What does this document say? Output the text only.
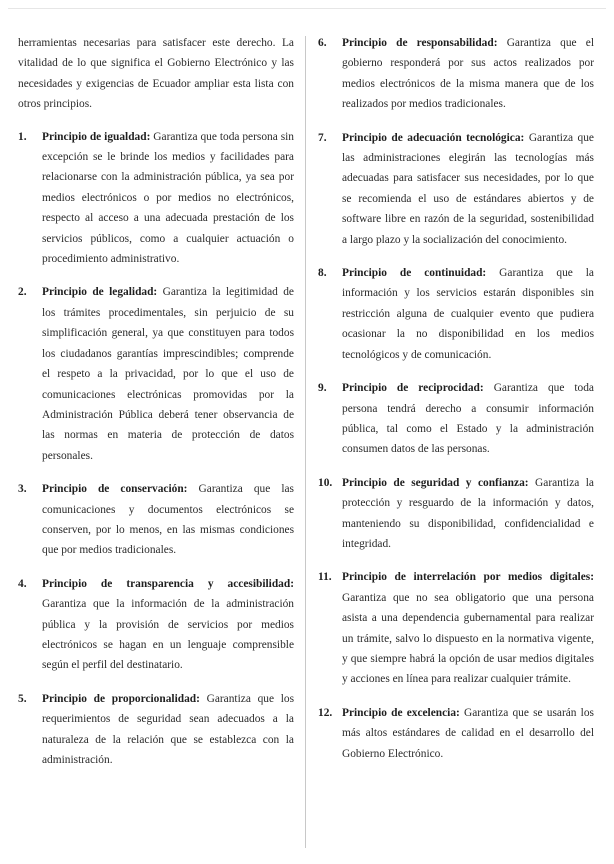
herramientas necesarias para satisfacer este derecho. La vitalidad de lo que significa el Gobierno Electrónico y las necesidades y exigencias de Ecuador ampliar esta lista con otros principios.

1. Principio de igualdad: Garantiza que toda persona sin excepción se le brinde los medios y facilidades para relacionarse con la administración pública, ya sea por medios electrónicos o por medios no electrónicos, respecto al acceso a una adecuada prestación de los servicios públicos, como a cualquier actuación o procedimiento administrativo.
2. Principio de legalidad: Garantiza la legitimidad de los trámites procedimentales, sin perjuicio de su simplificación general, ya que constituyen para todos los ciudadanos garantías imprescindibles; comprende el respeto a la privacidad, por lo que el uso de comunicaciones electrónicas promovidas por la Administración Pública deberá tener observancia de las normas en materia de protección de datos personales.
3. Principio de conservación: Garantiza que las comunicaciones y documentos electrónicos se conserven, por lo menos, en las mismas condiciones que por medios tradicionales.
4. Principio de transparencia y accesibilidad: Garantiza que la información de la administración pública y la provisión de servicios por medios electrónicos se hagan en un lenguaje comprensible según el perfil del destinatario.
5. Principio de proporcionalidad: Garantiza que los requerimientos de seguridad sean adecuados a la naturaleza de la relación que se establezca con la administración.
6. Principio de responsabilidad: Garantiza que el gobierno responderá por sus actos realizados por medios electrónicos de la misma manera que de los realizados por medios tradicionales.
7. Principio de adecuación tecnológica: Garantiza que las administraciones elegirán las tecnologías más adecuadas para satisfacer sus necesidades, por lo que se recomienda el uso de estándares abiertos y de software libre en razón de la seguridad, sostenibilidad a largo plazo y la socialización del conocimiento.
8. Principio de continuidad: Garantiza que la información y los servicios estarán disponibles sin restricción alguna de cualquier evento que pudiera ocasionar la no disponibilidad en los medios tecnológicos y de comunicación.
9. Principio de reciprocidad: Garantiza que toda persona tendrá derecho a consumir información pública, tal como el Estado y la administración consumen datos de las personas.
10. Principio de seguridad y confianza: Garantiza la protección y resguardo de la información y datos, manteniendo su disponibilidad, confidencialidad e integridad.
11. Principio de interrelación por medios digitales: Garantiza que no sea obligatorio que una persona asista a una dependencia gubernamental para realizar un trámite, salvo lo dispuesto en la normativa vigente, y que siempre habrá la opción de usar medios digitales y acciones en línea para realizar cualquier trámite.
12. Principio de excelencia: Garantiza que se usarán los más altos estándares de calidad en el desarrollo del Gobierno Electrónico.
